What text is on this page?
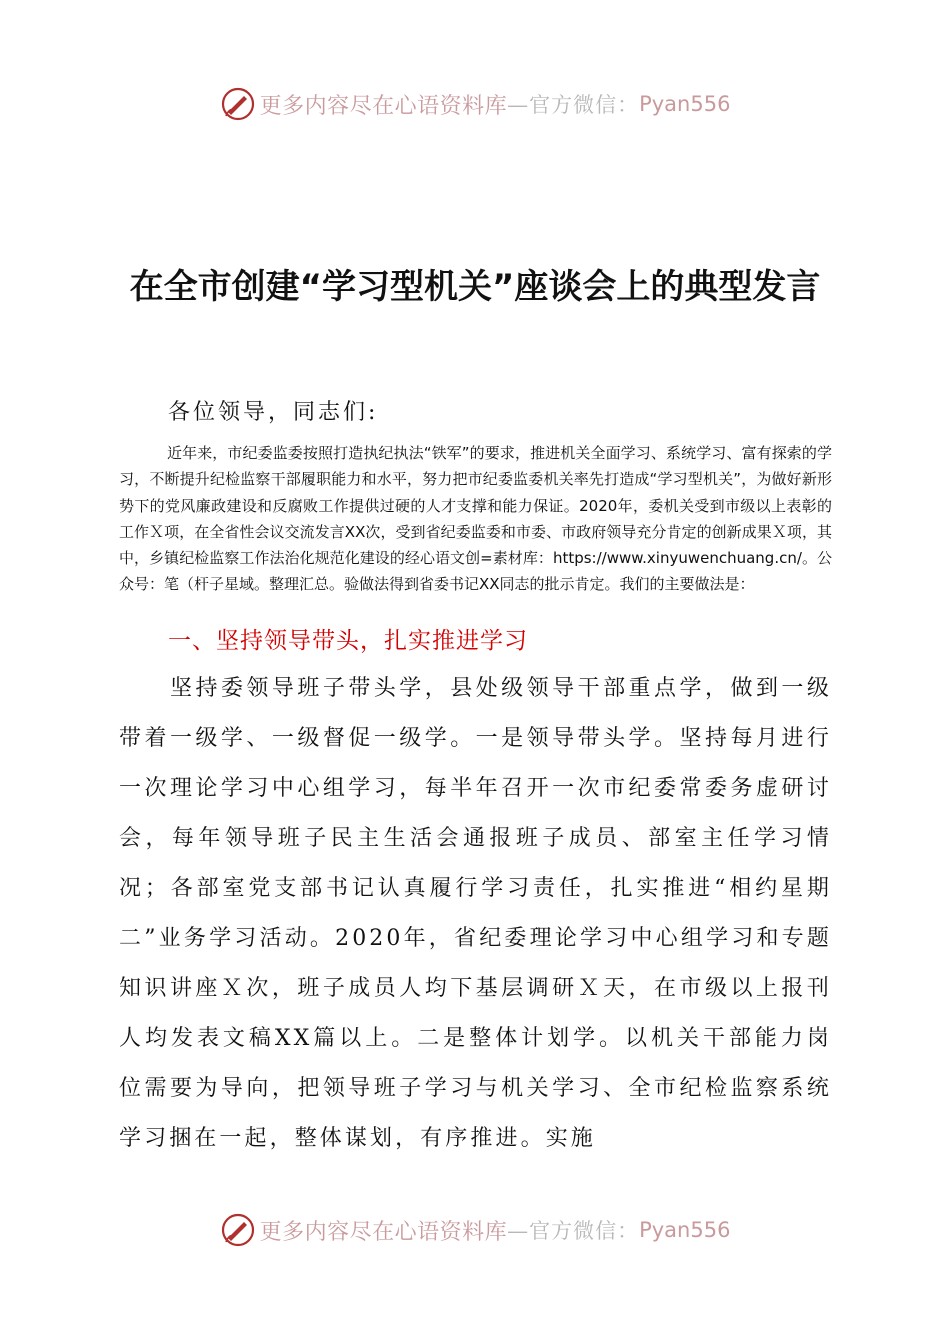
更多内容尽在心语资料库 —官方微信： Pyan556
在全市创建“学习型机关”座谈会上的典型发言
各位领导，同志们:

近年来，市纪委监委按照打造执纪执法“铁军”的要求，推进机关全面学习、系统学习、富有探索的学习，不断提升纪检监察干部履职能力和水平，努力把市纪委监委机关率先打造成“学习型机关”，为做好新形势下的党风廉政建设和反腐败工作提供过硬的人才支撑和能力保证。2020年，委机关受到市级以上表彰的工作Ｘ项，在全省性会议交流发言XX次，受到省纪委监委和市委、市政府领导充分肯定的创新成果Ｘ项，其中，乡镇纪检监察工作法治化规范化建设的经心语文创=素材库：https://www.xinyuwenchuang.cn/。公众号：笔（杆子星域。整理汇总。验做法得到省委书记XX同志的批示肯定。我们的主要做法是：

一、坚持领导带头，扎实推进学习

坚持委领导班子带头学，县处级领导干部重点学，做到一级带着一级学、一级督促一级学。一是领导带头学。坚持每月进行一次理论学习中心组学习，每半年召开一次市纪委常委务虚研讨会，每年领导班子民主生活会通报班子成员、部室主任学习情况；各部室党支部书记认真履行学习责任，扎实推进“相约星期二”业务学习活动。2020年，省纪委理论学习中心组学习和专题知识讲座Ｘ次，班子成员人均下基层调研Ｘ天，在市级以上报刊人均发表文稿XX篇以上。二是整体计划学。以机关干部能力岗位需要为导向，把领导班子学习与机关学习、全市纪检监察系统学习捆在一起，整体谋划，有序推进。实施

更多内容尽在心语资料库 —官方微信： Pyan556
